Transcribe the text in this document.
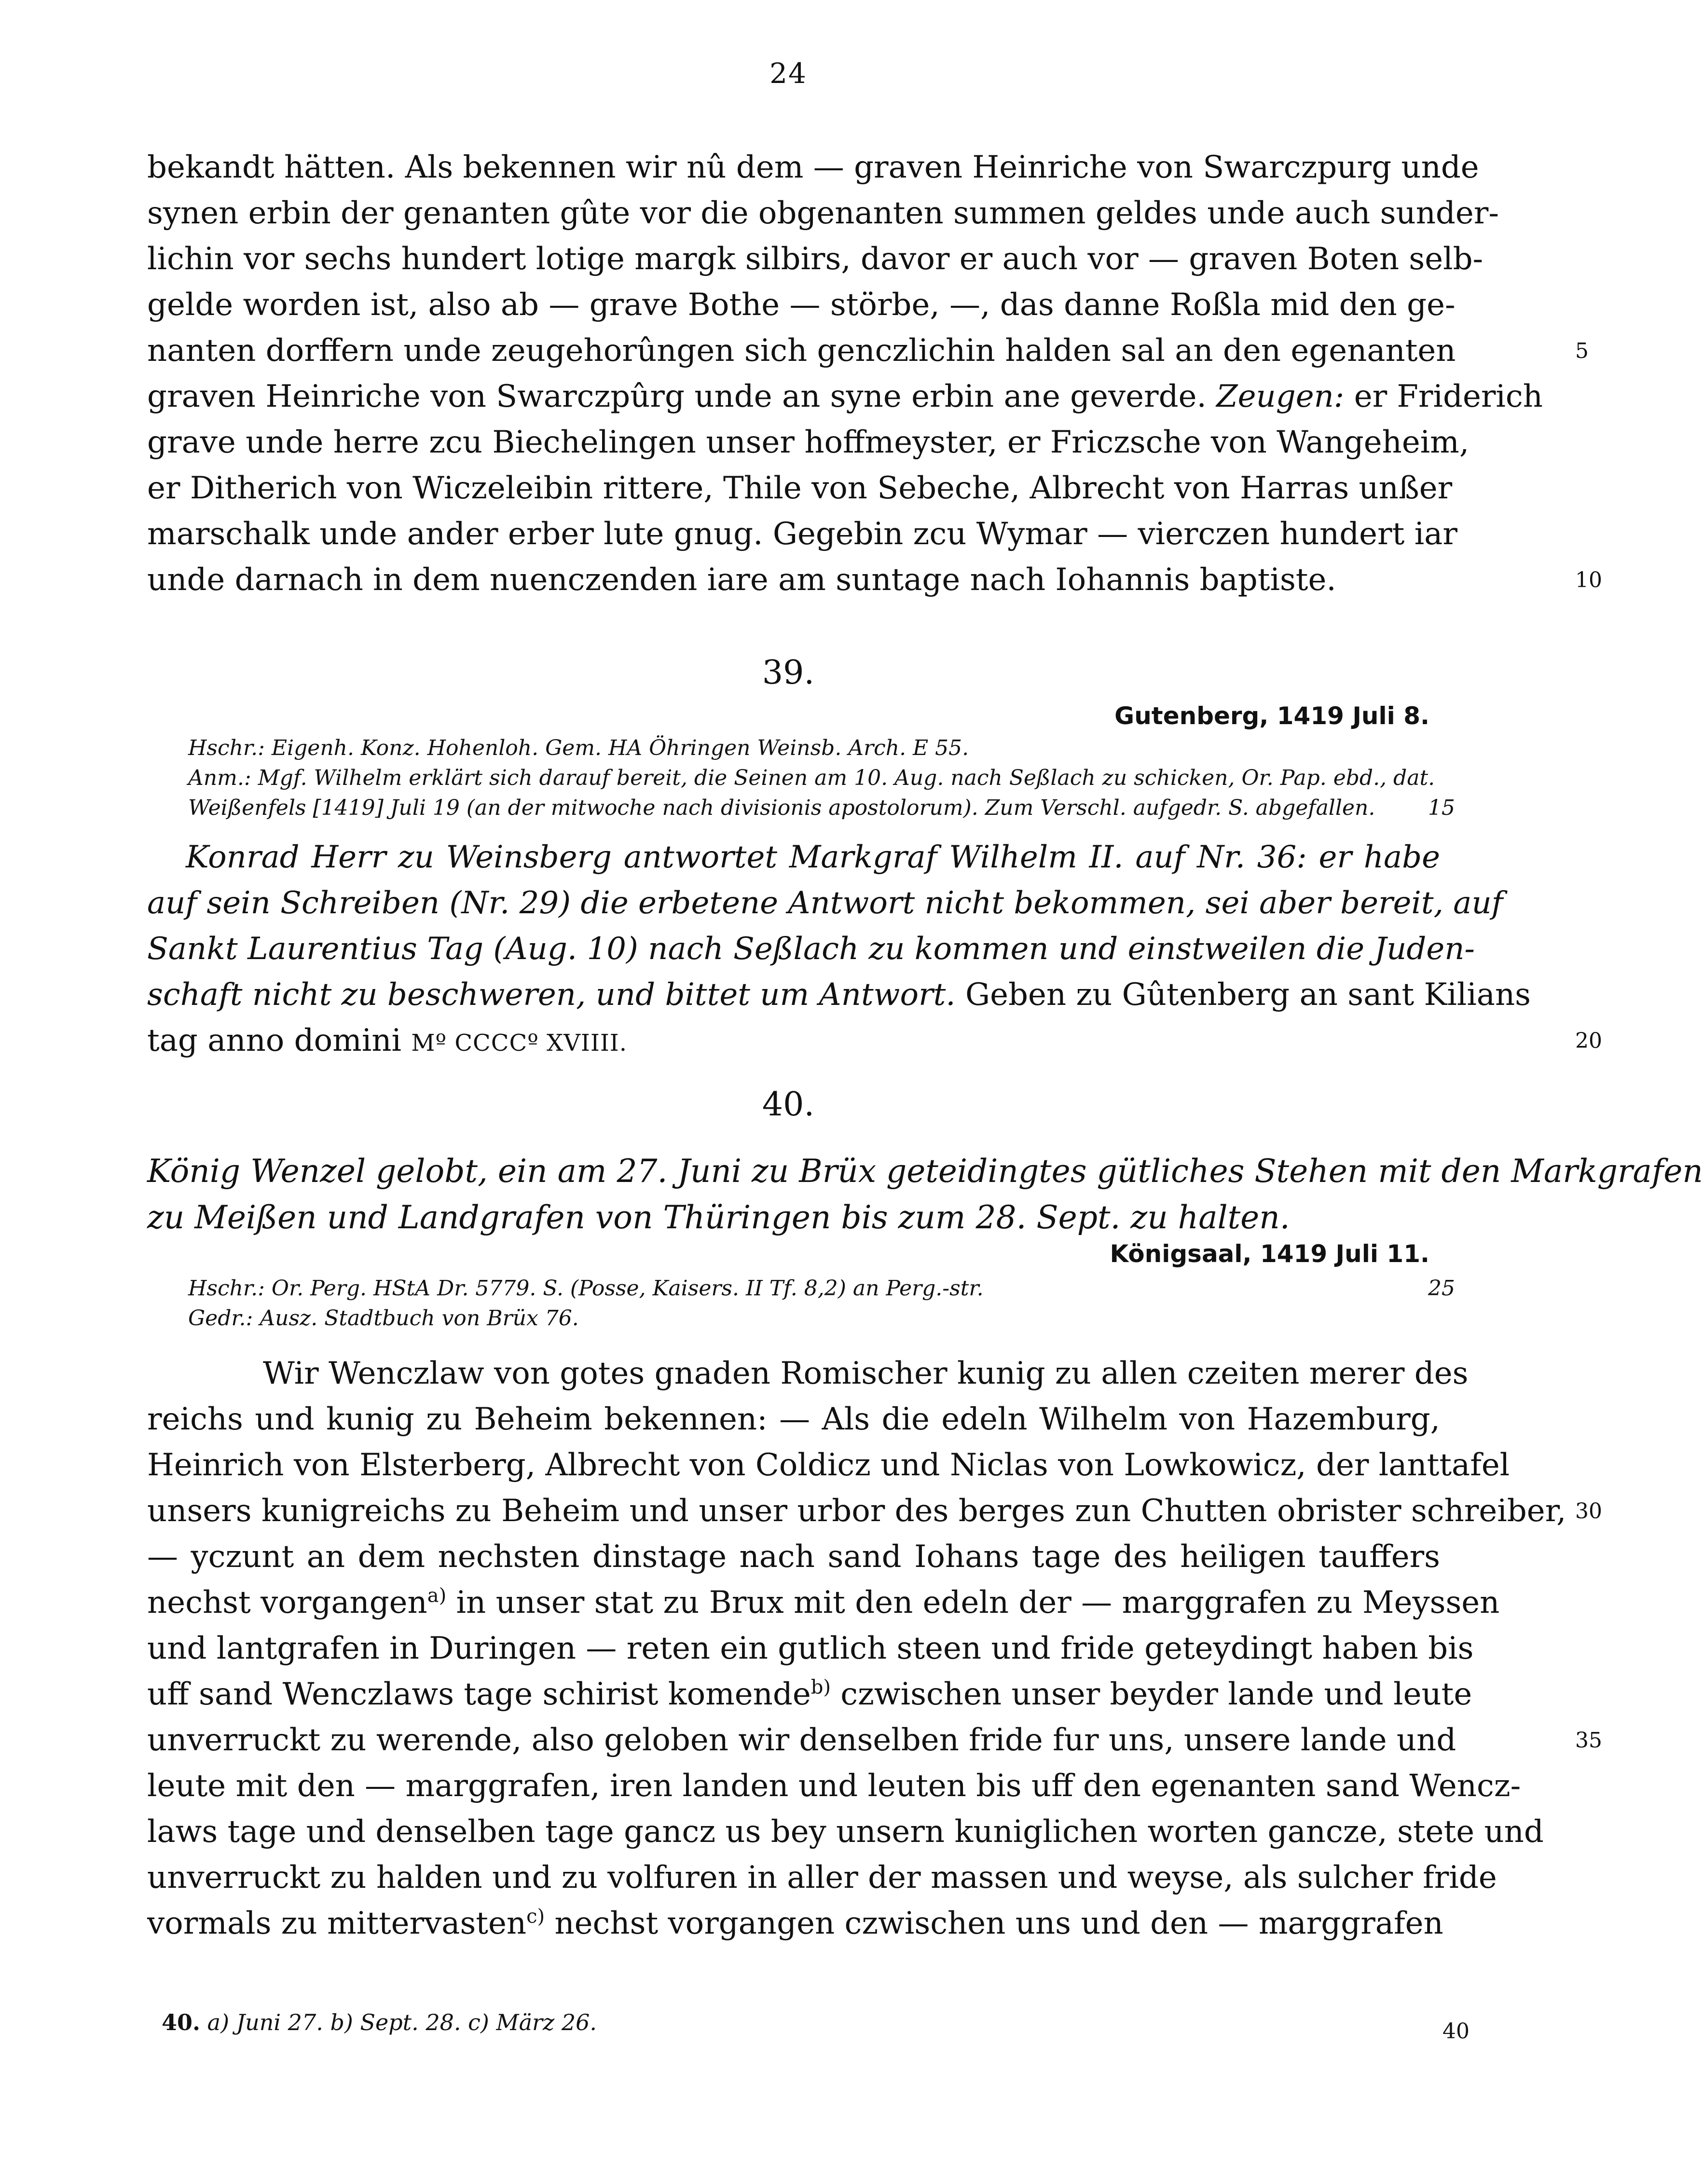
24
bekandt hätten. Als bekennen wir nû dem — graven Heinriche von Swarczpurg unde
synen erbin der genanten gûte vor die obgenanten summen geldes unde auch sunder-
lichin vor sechs hundert lotige margk silbirs, davor er auch vor — graven Boten selb-
gelde worden ist, also ab — grave Bothe — störbe, —, das danne Roßla mid den ge-
nanten dorffern unde zeugehorûngen sich genczlichin halden sal an den egenanten	5
graven Heinriche von Swarczpûrg unde an syne erbin ane geverde. Zeugen: er Friderich
grave unde herre zcu Biechelingen unser hoffmeyster, er Friczsche von Wangeheim,
er Ditherich von Wiczeleibin rittere, Thile von Sebeche, Albrecht von Harras unßer
marschalk unde ander erber lute gnug. Gegebin zcu Wymar — vierczen hundert iar
unde darnach in dem nuenczenden iare am suntage nach Iohannis baptiste.	10
39.
Gutenberg, 1419 Juli 8.
Hschr.: Eigenh. Konz. Hohenloh. Gem. HA Öhringen Weinsb. Arch. E 55.
Anm.: Mgf. Wilhelm erklärt sich darauf bereit, die Seinen am 10. Aug. nach Seßlach zu schicken, Or. Pap. ebd., dat.
Weißenfels [1419] Juli 19 (an der mitwoche nach divisionis apostolorum). Zum Verschl. aufgedr. S. abgefallen. 15
Konrad Herr zu Weinsberg antwortet Markgraf Wilhelm II. auf Nr. 36: er habe
auf sein Schreiben (Nr. 29) die erbetene Antwort nicht bekommen, sei aber bereit, auf
Sankt Laurentius Tag (Aug. 10) nach Seßlach zu kommen und einstweilen die Juden-
schaft nicht zu beschweren, und bittet um Antwort. Geben zu Gûtenberg an sant Kilians
tag anno domini Mº CCCCº XVIIII.	20
40.
König Wenzel gelobt, ein am 27. Juni zu Brüx geteidingtes gütliches Stehen mit den Markgrafen
zu Meißen und Landgrafen von Thüringen bis zum 28. Sept. zu halten.
Königsaal, 1419 Juli 11.
Hschr.: Or. Perg. HStA Dr. 5779. S. (Posse, Kaisers. II Tf. 8,2) an Perg.-str.	25
Gedr.: Ausz. Stadtbuch von Brüx 76.
Wir Wenczlaw von gotes gnaden Romischer kunig zu allen czeiten merer des
reichs und kunig zu Beheim bekennen: — Als die edeln Wilhelm von Hazemburg,
Heinrich von Elsterberg, Albrecht von Coldicz und Niclas von Lowkowicz, der lanttafel
unsers kunigreichs zu Beheim und unser urbor des berges zun Chutten obrister schreiber, 30
— yczunt an dem nechsten dinstage nach sand Iohans tage des heiligen tauffers
nechst vorgangen$^{a)}$ in unser stat zu Brux mit den edeln der — marggrafen zu Meyssen
und lantgrafen in Duringen — reten ein gutlich steen und fride geteydingt haben bis
uff sand Wenczlaws tage schirist komende$^{b)}$ czwischen unser beyder lande und leute
unverruckt zu werende, also geloben wir denselben fride fur uns, unsere lande und	35
leute mit den — marggrafen, iren landen und leuten bis uff den egenanten sand Wencz-
laws tage und denselben tage gancz us bey unsern kuniglichen worten gancze, stete und
unverruckt zu halden und zu volfuren in aller der massen und weyse, als sulcher fride
vormals zu mittervasten$^{c)}$ nechst vorgangen czwischen uns und den — marggrafen
40. a) Juni 27. b) Sept. 28. c) März 26.	40
